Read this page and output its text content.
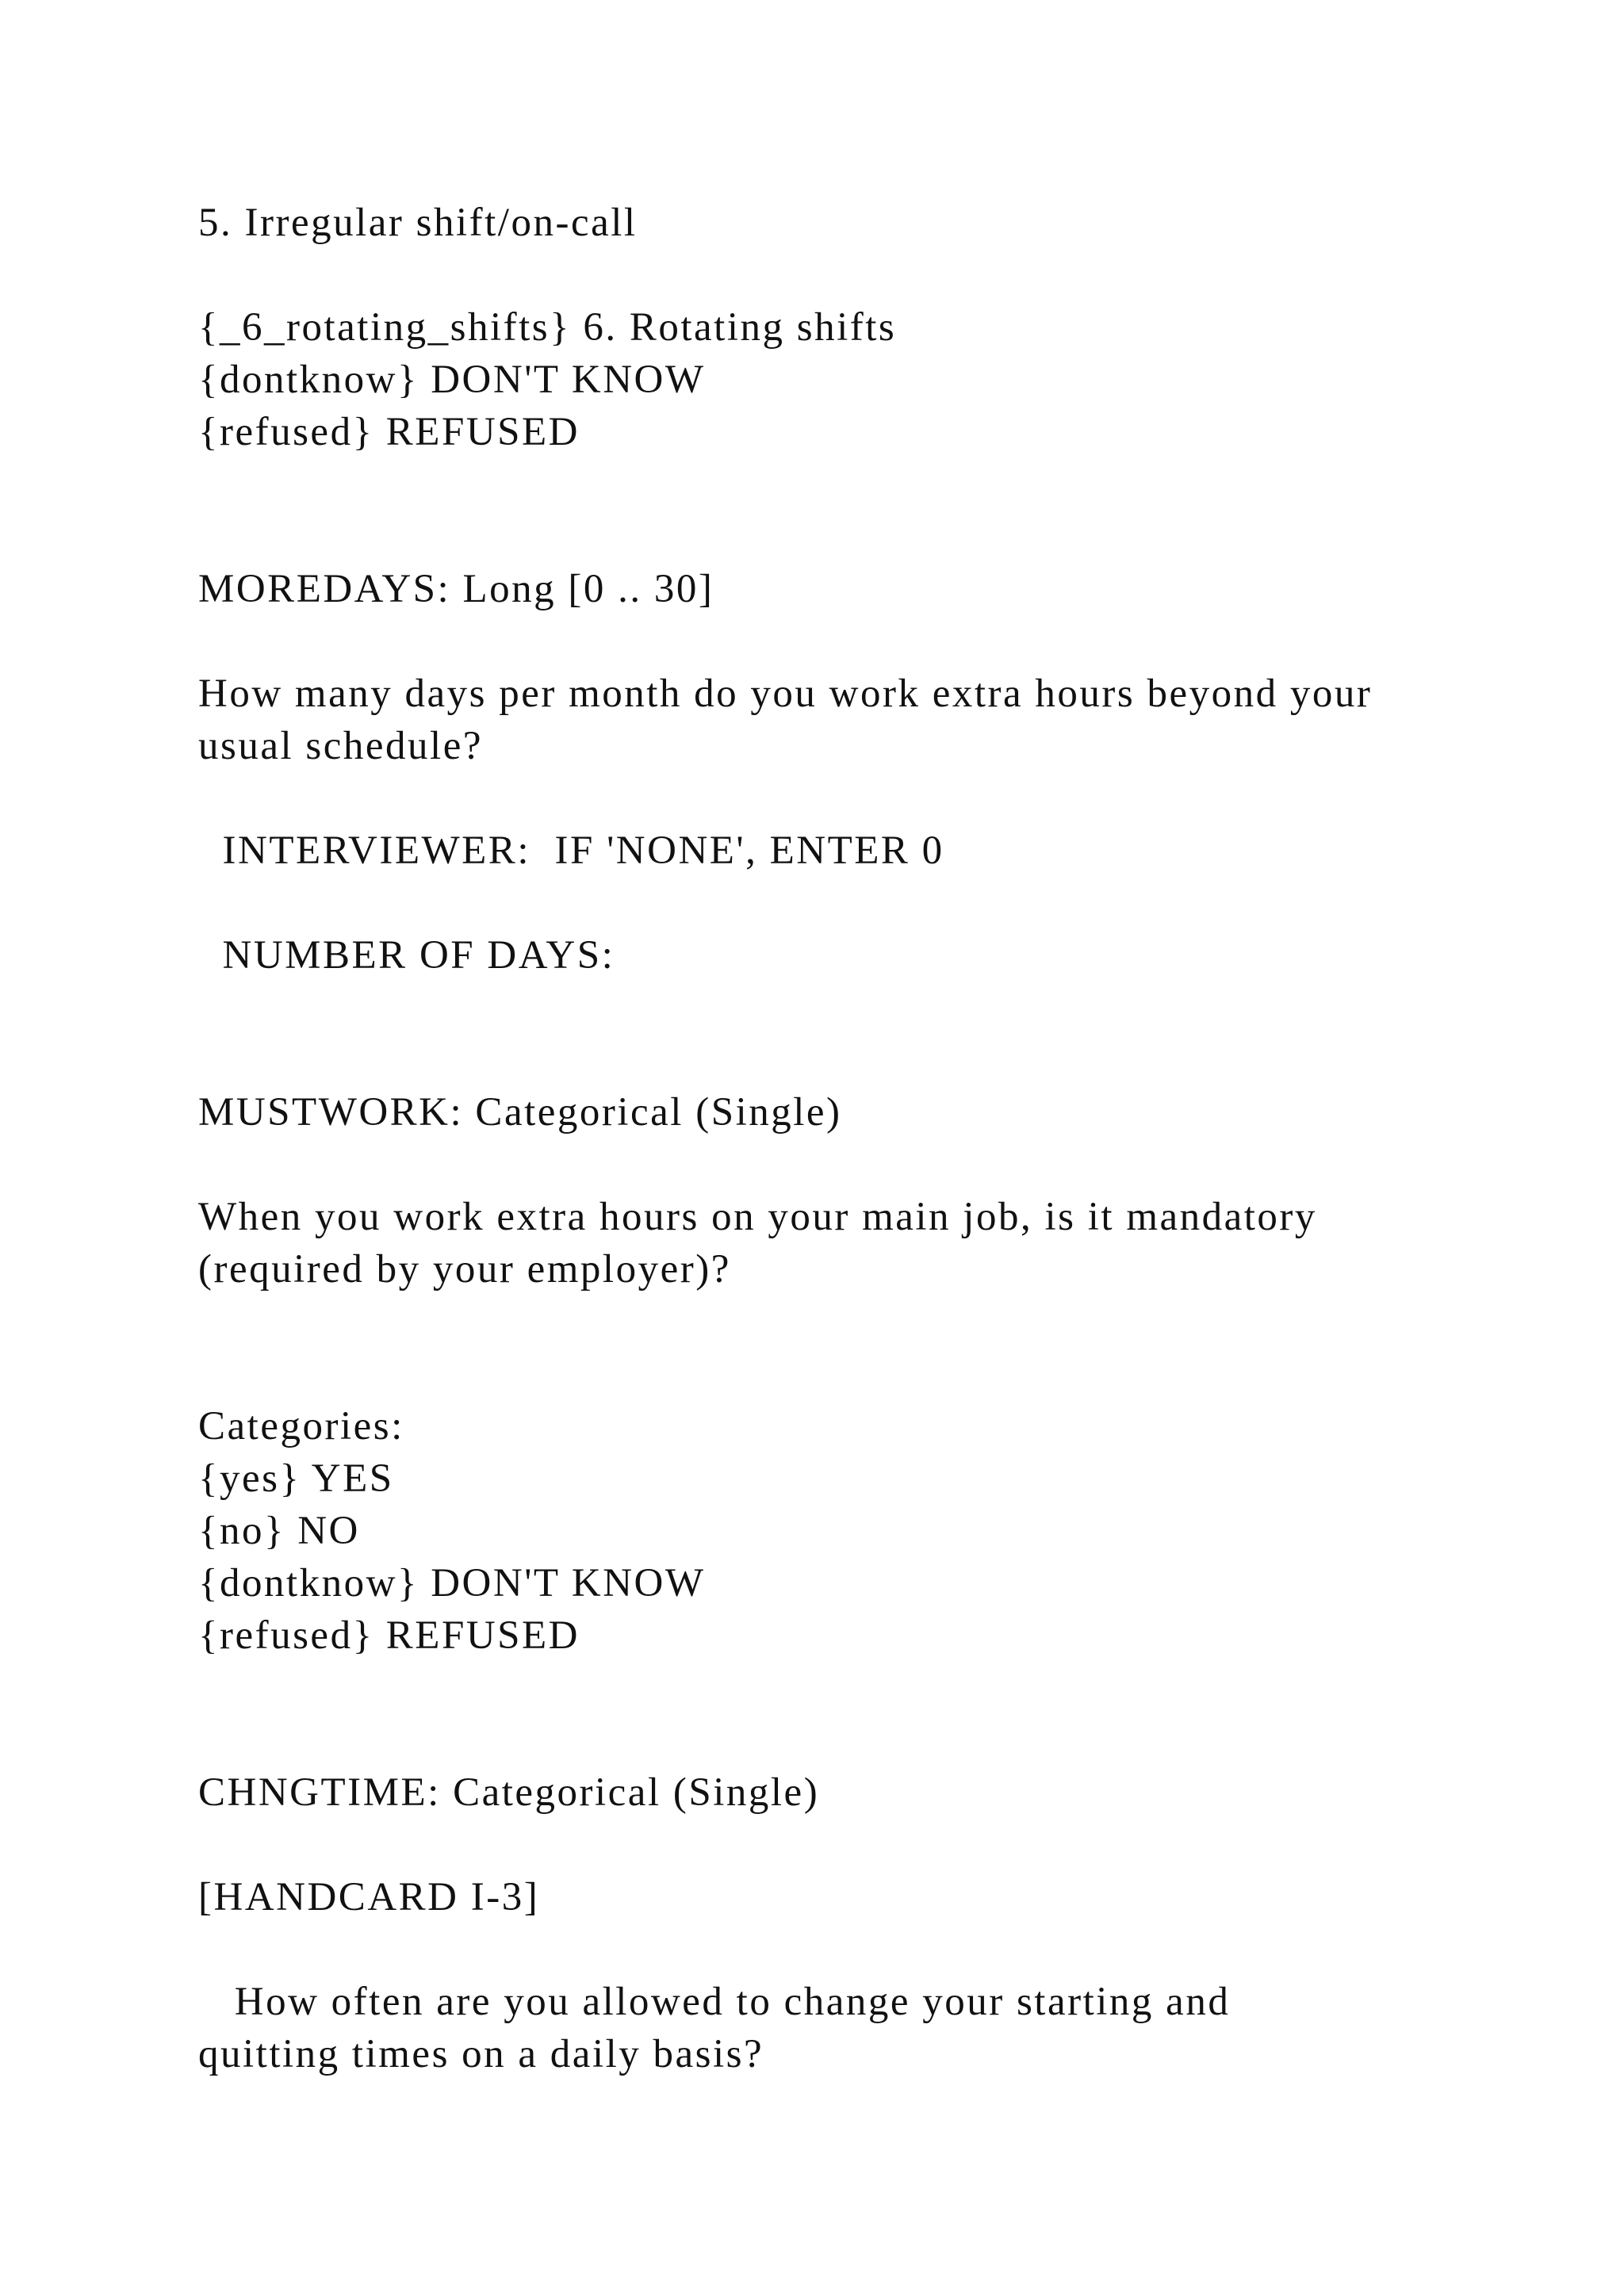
5. Irregular shift/on-call
{_6_rotating_shifts} 6. Rotating shifts
{dontknow} DON'T KNOW
{refused} REFUSED
MOREDAYS: Long [0 .. 30]
How many days per month do you work extra hours beyond your
usual schedule?
INTERVIEWER:  IF 'NONE', ENTER 0
NUMBER OF DAYS:
MUSTWORK: Categorical (Single)
When you work extra hours on your main job, is it mandatory
(required by your employer)?
Categories:
{yes} YES
{no} NO
{dontknow} DON'T KNOW
{refused} REFUSED
CHNGTIME: Categorical (Single)
[HANDCARD I-3]
How often are you allowed to change your starting and
quitting times on a daily basis?
